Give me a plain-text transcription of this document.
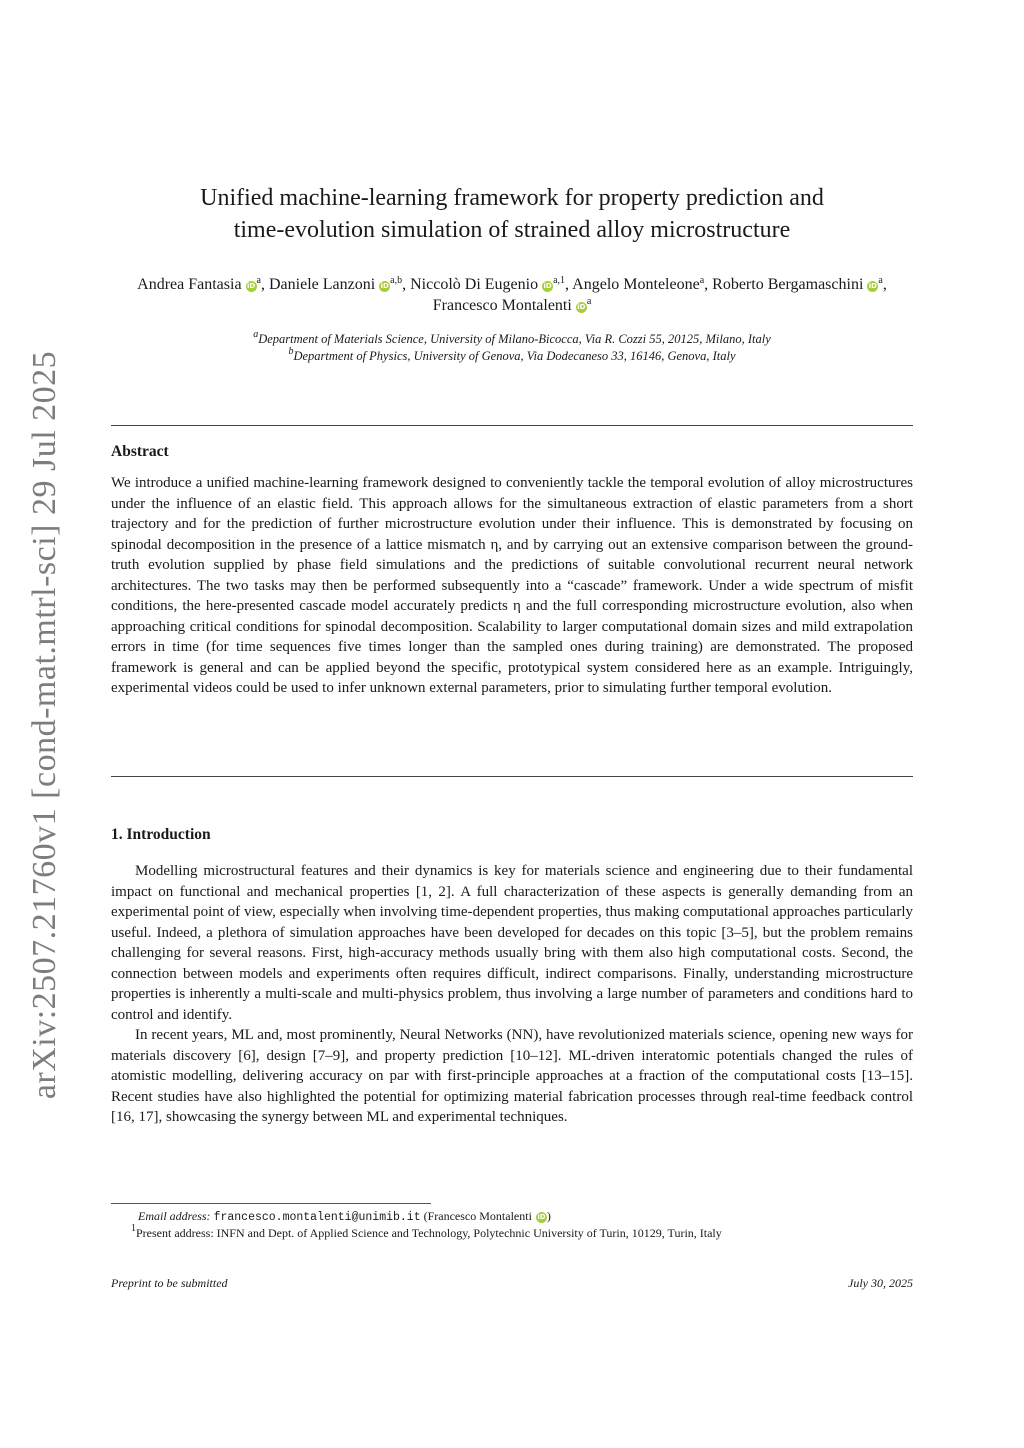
arXiv:2507.21760v1 [cond-mat.mtrl-sci] 29 Jul 2025
Unified machine-learning framework for property prediction and
time-evolution simulation of strained alloy microstructure
Andrea Fantasia $iD^a$, Daniele Lanzoni iD$^{a,b}$, Niccolò Di Eugenio iD$^{a,1}$, Angelo Monteleone$^a$, Roberto Bergamaschini $iD^a$, Francesco Montalenti $iD^a$
$^a$Department of Materials Science, University of Milano-Bicocca, Via R. Cozzi 55, 20125, Milano, Italy
$^b$Department of Physics, University of Genova, Via Dodecaneso 33, 16146, Genova, Italy
Abstract

We introduce a unified machine-learning framework designed to conveniently tackle the temporal evolution of alloy microstructures under the influence of an elastic field. This approach allows for the simultaneous extraction of elastic parameters from a short trajectory and for the prediction of further microstructure evolution under their influence. This is demonstrated by focusing on spinodal decomposition in the presence of a lattice mismatch η, and by carrying out an extensive comparison between the ground-truth evolution supplied by phase field simulations and the predictions of suitable convolutional recurrent neural network architectures. The two tasks may then be performed subsequently into a “cascade” framework. Under a wide spectrum of misfit conditions, the here-presented cascade model accurately predicts η and the full corresponding microstructure evolution, also when approaching critical conditions for spinodal decomposition. Scalability to larger computational domain sizes and mild extrapolation errors in time (for time sequences five times longer than the sampled ones during training) are demonstrated. The proposed framework is general and can be applied beyond the specific, prototypical system considered here as an example. Intriguingly, experimental videos could be used to infer unknown external parameters, prior to simulating further temporal evolution.

1. Introduction

Modelling microstructural features and their dynamics is key for materials science and engineering due to their fundamental impact on functional and mechanical properties [1, 2]. A full characterization of these aspects is generally demanding from an experimental point of view, especially when involving time-dependent properties, thus making computational approaches particularly useful. Indeed, a plethora of simulation approaches have been developed for decades on this topic [3–5], but the problem remains challenging for several reasons. First, high-accuracy methods usually bring with them also high computational costs. Second, the connection between models and experiments often requires difficult, indirect comparisons. Finally, understanding microstructure properties is inherently a multi-scale and multi-physics problem, thus involving a large number of parameters and conditions hard to control and identify.

In recent years, ML and, most prominently, Neural Networks (NN), have revolutionized materials science, opening new ways for materials discovery [6], design [7–9], and property prediction [10–12]. ML-driven interatomic potentials changed the rules of atomistic modelling, delivering accuracy on par with first-principle approaches at a fraction of the computational costs [13–15]. Recent studies have also highlighted the potential for optimizing material fabrication processes through real-time feedback control [16, 17], showcasing the synergy between ML and experimental techniques.

Email address: francesco.montalenti@unimib.it (Francesco Montalenti iD)
$^1$Present address: INFN and Dept. of Applied Science and Technology, Polytechnic University of Turin, 10129, Turin, Italy
Preprint to be submitted	July 30, 2025
